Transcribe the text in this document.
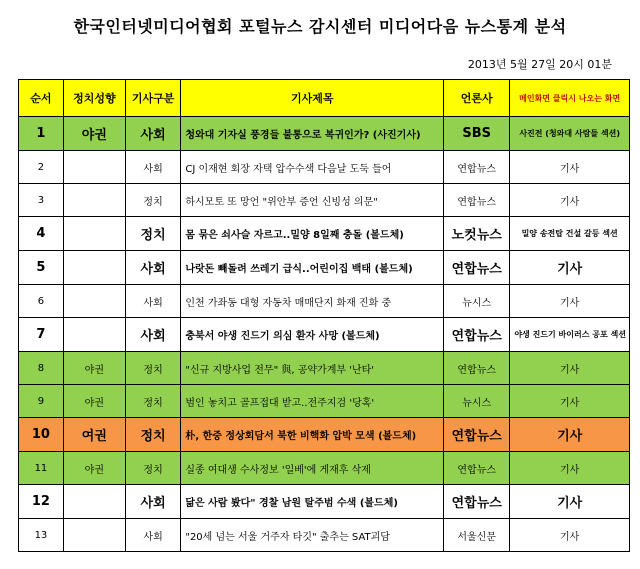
한국인터넷미디어협회 포털뉴스 감시센터 미디어다음 뉴스통계 분석
2013년 5월 27일 20시 01분
순서	정치성향	기사구분	기사제목	언론사	메인화면 클릭시 나오는 화면
1	야권	사회	청와대 기자실 풍경들 불통으로 복귀인가? (사진기사)	SBS	사진전 (청와대 사람들 섹션)
2		사회	CJ 이재현 회장 자택 압수수색 다음날 도둑 들어	연합뉴스	기사
3		정치	하시모토 또 망언 "위안부 증언 신빙성 의문"	연합뉴스	기사
4		정치	몸 묶은 쇠사슬 자르고..밀양 8일째 충돌 (볼드체)	노컷뉴스	밀양 송전탑 건설 갈등 섹션
5		사회	나랏돈 빼돌려 쓰레기 급식..어린이집 백태 (볼드체)	연합뉴스	기사
6		사회	인천 가좌동 대형 자동차 매매단지 화재 진화 중	뉴시스	기사
7		사회	충북서 야생 진드기 의심 환자 사망 (볼드체)	연합뉴스	야생 진드기 바이러스 공포 섹션
8	야권	정치	"신규 지방사업 전무" 與, 공약가계부 '난타'	연합뉴스	기사
9	야권	정치	범인 놓치고 골프접대 받고..전주지검 '당혹'	뉴시스	기사
10	여권	정치	朴, 한중 정상회담서 북한 비핵화 압박 모색 (볼드체)	연합뉴스	기사
11	야권	정치	실종 여대생 수사정보 '일베'에 게재후 삭제	연합뉴스	기사
12		사회	닮은 사람 봤다" 경찰 남원 탈주범 수색 (볼드체)	연합뉴스	기사
13		사회	"20세 넘는 서울 거주자 타깃" 출추는 SAT괴담	서울신문	기사
